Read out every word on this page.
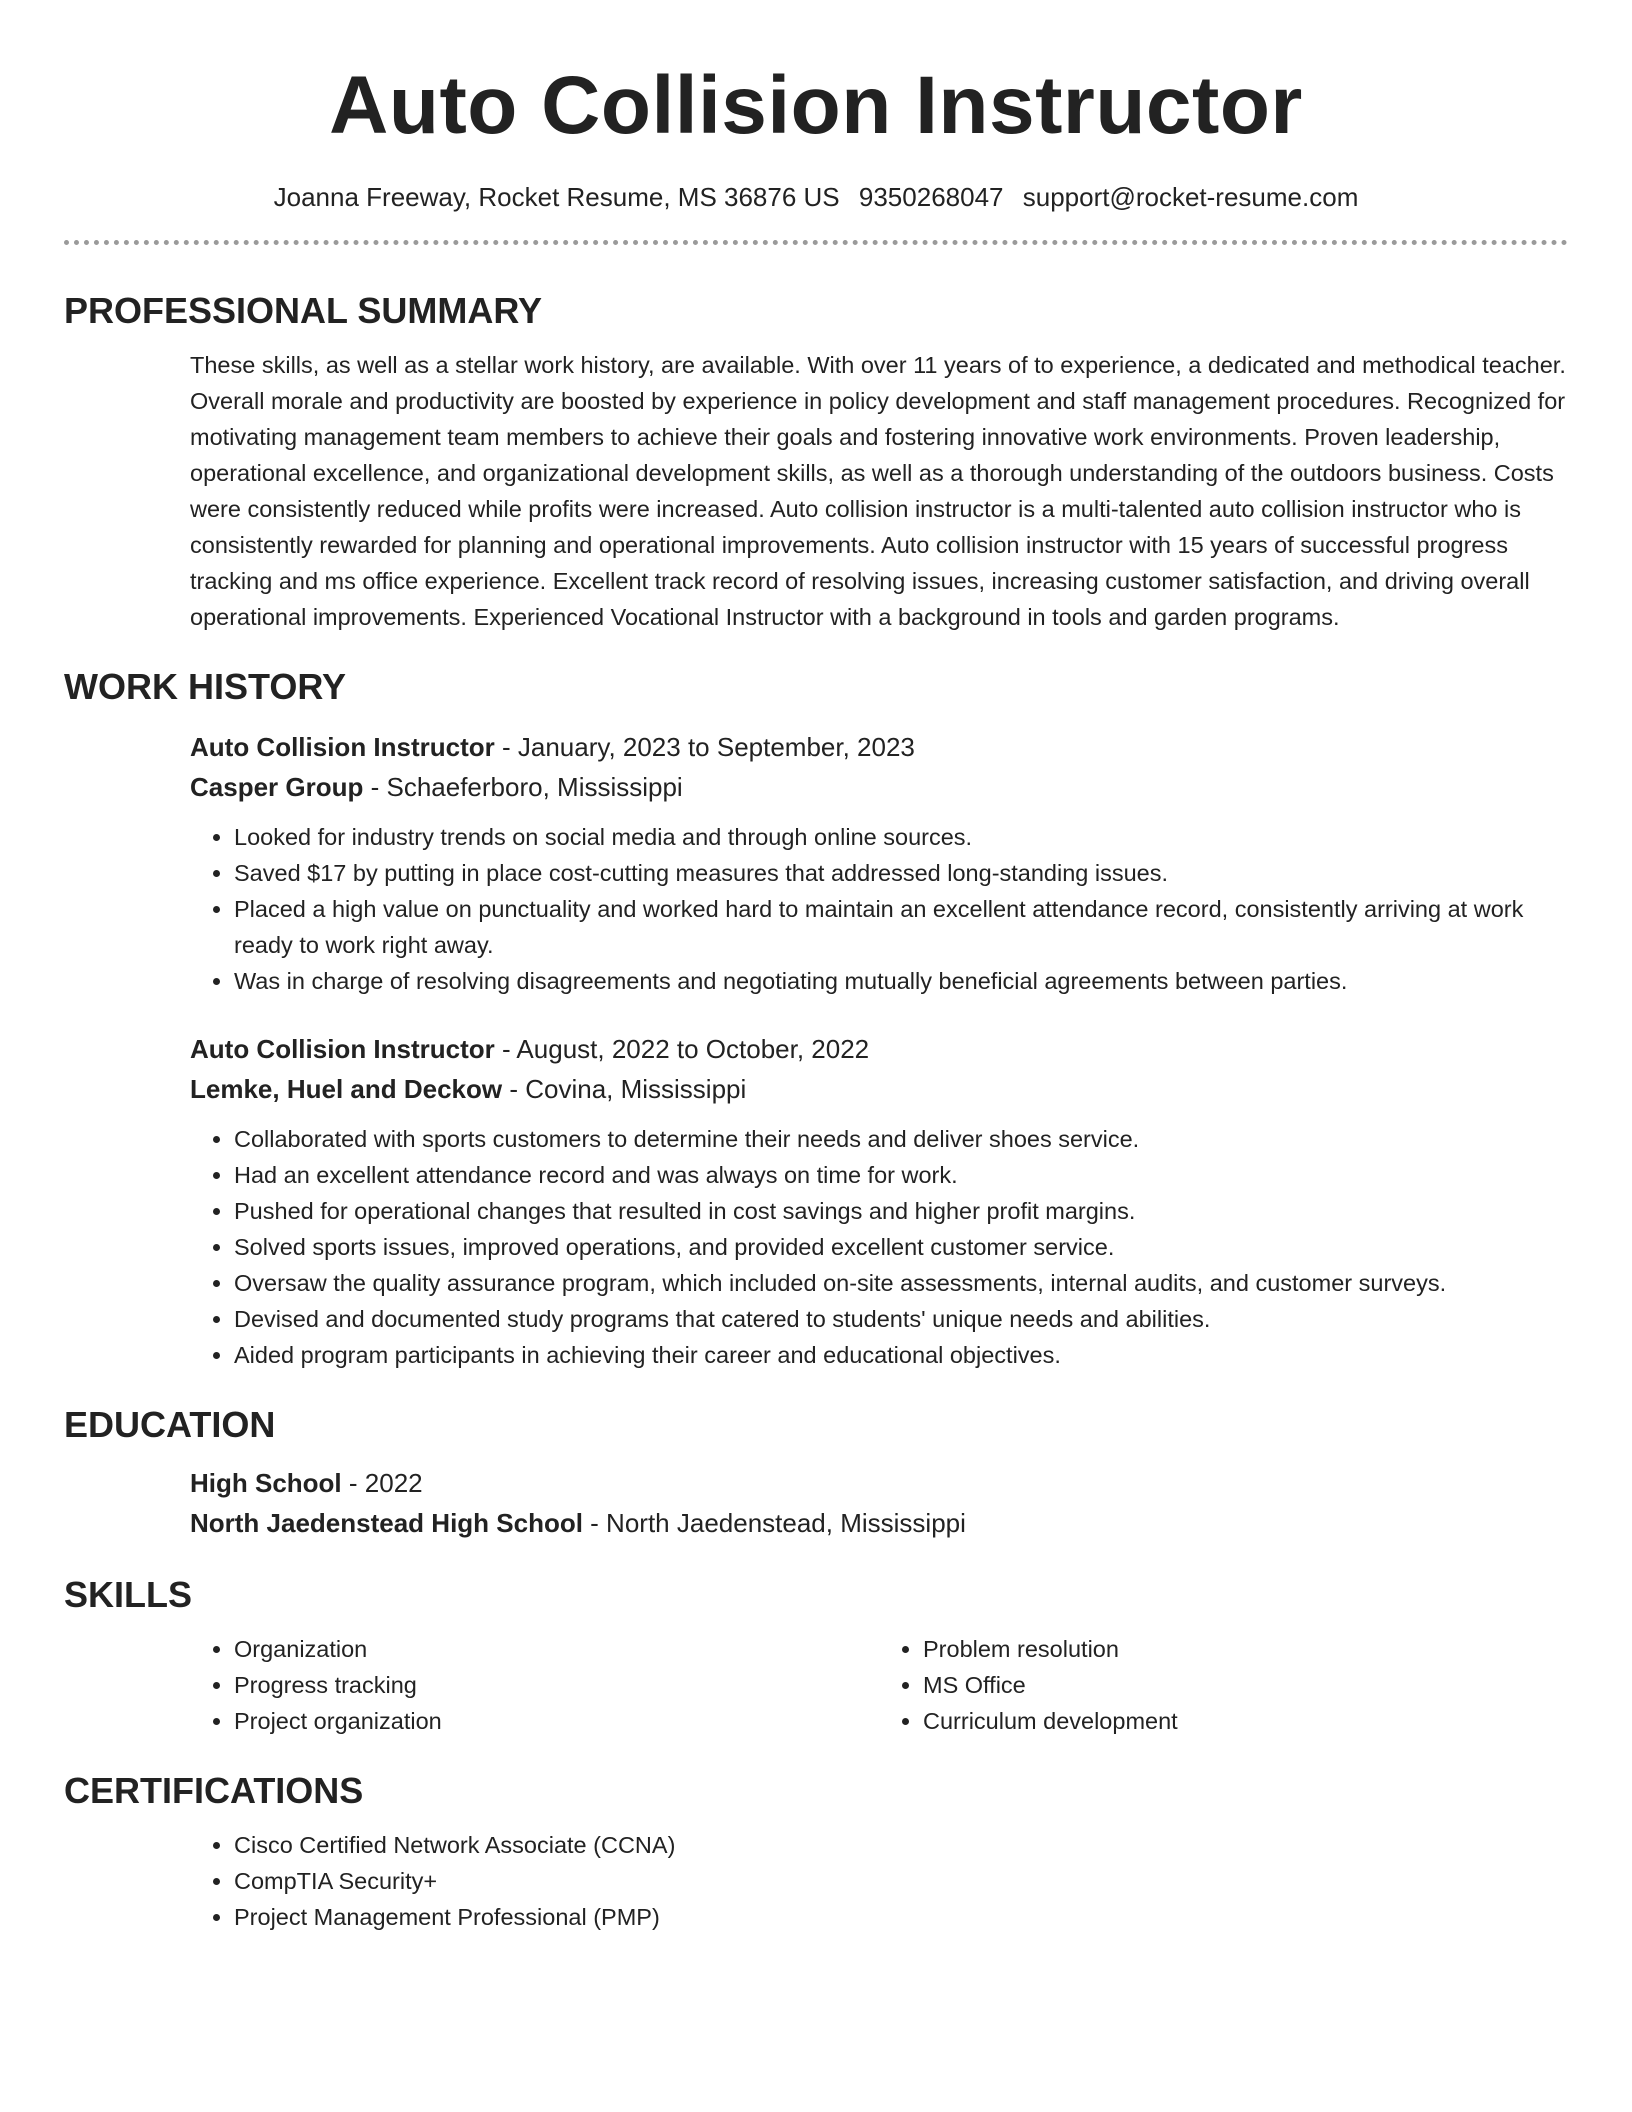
Auto Collision Instructor
Joanna Freeway, Rocket Resume, MS 36876 US 9350268047 support@rocket-resume.com
PROFESSIONAL SUMMARY

These skills, as well as a stellar work history, are available. With over 11 years of to experience, a dedicated and methodical teacher. Overall morale and productivity are boosted by experience in policy development and staff management procedures. Recognized for motivating management team members to achieve their goals and fostering innovative work environments. Proven leadership, operational excellence, and organizational development skills, as well as a thorough understanding of the outdoors business. Costs were consistently reduced while profits were increased. Auto collision instructor is a multi-talented auto collision instructor who is consistently rewarded for planning and operational improvements. Auto collision instructor with 15 years of successful progress tracking and ms office experience. Excellent track record of resolving issues, increasing customer satisfaction, and driving overall operational improvements. Experienced Vocational Instructor with a background in tools and garden programs.

WORK HISTORY

Auto Collision Instructor - January, 2023 to September, 2023

Casper Group - Schaeferboro, Mississippi

• Looked for industry trends on social media and through online sources.
• Saved $17 by putting in place cost-cutting measures that addressed long-standing issues.
• Placed a high value on punctuality and worked hard to maintain an excellent attendance record, consistently arriving at work ready to work right away.
• Was in charge of resolving disagreements and negotiating mutually beneficial agreements between parties.

Auto Collision Instructor - August, 2022 to October, 2022

Lemke, Huel and Deckow - Covina, Mississippi

• Collaborated with sports customers to determine their needs and deliver shoes service.
• Had an excellent attendance record and was always on time for work.
• Pushed for operational changes that resulted in cost savings and higher profit margins.
• Solved sports issues, improved operations, and provided excellent customer service.
• Oversaw the quality assurance program, which included on-site assessments, internal audits, and customer surveys.
• Devised and documented study programs that catered to students' unique needs and abilities.
• Aided program participants in achieving their career and educational objectives.
EDUCATION

High School - 2022

North Jaedenstead High School - North Jaedenstead, Mississippi

SKILLS
• Organization
• Progress tracking
• Project organization
• Problem resolution
• MS Office
• Curriculum development
CERTIFICATIONS
• Cisco Certified Network Associate (CCNA)
• CompTIA Security+
• Project Management Professional (PMP)
